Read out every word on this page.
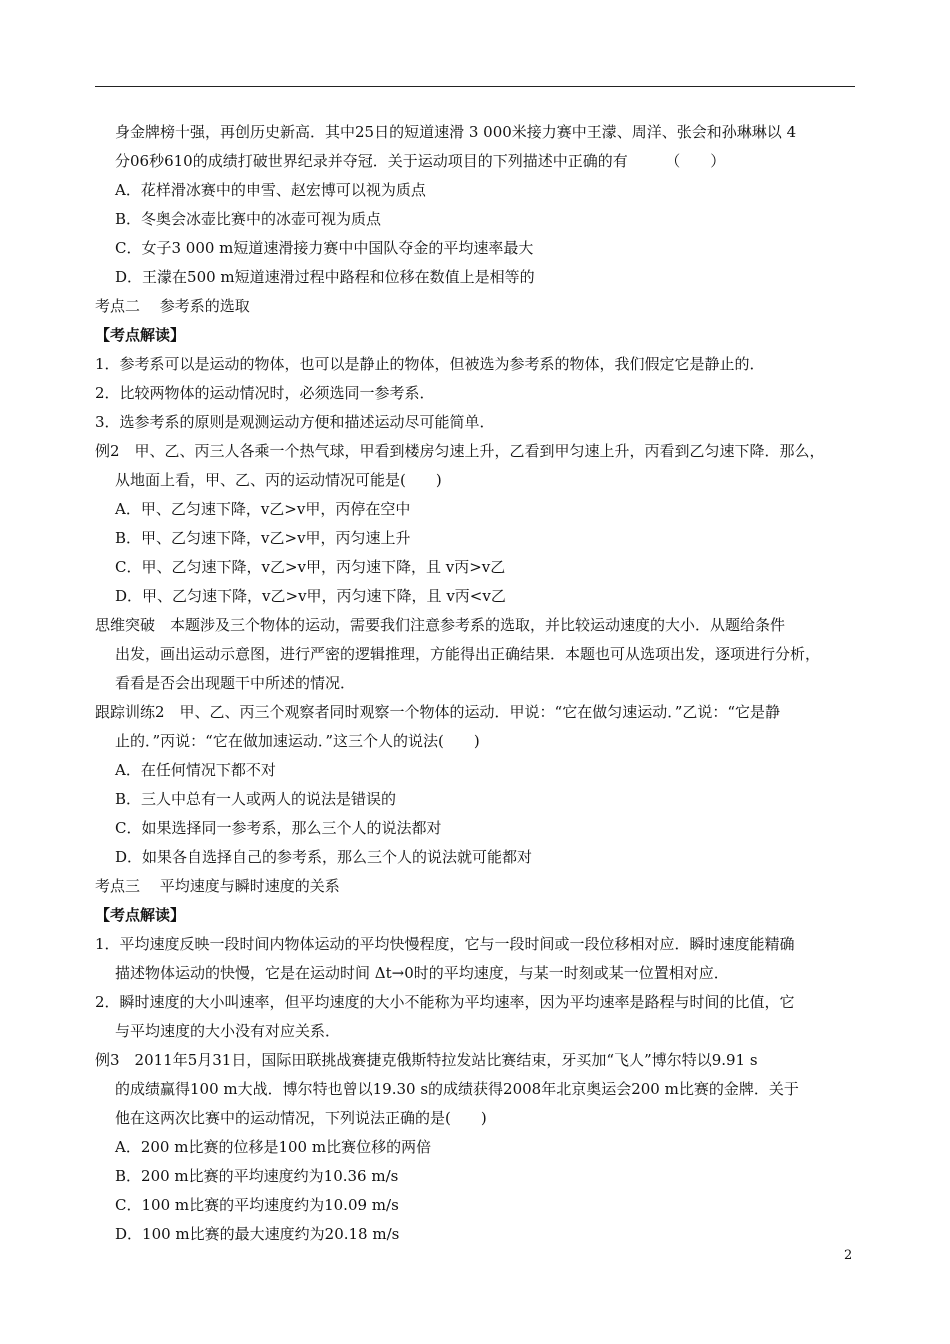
身金牌榜十强，再创历史新高．其中25日的短道速滑 3 000米接力赛中王濛、周洋、张会和孙琳琳以 4
分06秒610的成绩打破世界纪录并夺冠．关于运动项目的下列描述中正确的有　　　（　　）
A．花样滑冰赛中的申雪、赵宏博可以视为质点
B．冬奥会冰壶比赛中的冰壶可视为质点
C．女子3 000 m短道速滑接力赛中中国队夺金的平均速率最大
D．王濛在500 m短道速滑过程中路程和位移在数值上是相等的
考点二　 参考系的选取
【考点解读】
1．参考系可以是运动的物体，也可以是静止的物体，但被选为参考系的物体，我们假定它是静止的．
2．比较两物体的运动情况时，必须选同一参考系．
3．选参考系的原则是观测运动方便和描述运动尽可能简单．
例2　甲、乙、丙三人各乘一个热气球，甲看到楼房匀速上升，乙看到甲匀速上升，丙看到乙匀速下降．那么，
从地面上看，甲、乙、丙的运动情况可能是(　　)
A．甲、乙匀速下降，v乙>v甲，丙停在空中
B．甲、乙匀速下降，v乙>v甲，丙匀速上升
C．甲、乙匀速下降，v乙>v甲，丙匀速下降，且 v丙>v乙
D．甲、乙匀速下降，v乙>v甲，丙匀速下降，且 v丙<v乙
思维突破　本题涉及三个物体的运动，需要我们注意参考系的选取，并比较运动速度的大小．从题给条件
出发，画出运动示意图，进行严密的逻辑推理，方能得出正确结果．本题也可从选项出发，逐项进行分析，
看看是否会出现题干中所述的情况．
跟踪训练2　甲、乙、丙三个观察者同时观察一个物体的运动．甲说：“它在做匀速运动．”乙说：“它是静
止的．”丙说：“它在做加速运动．”这三个人的说法(　　)
A．在任何情况下都不对
B．三人中总有一人或两人的说法是错误的
C．如果选择同一参考系，那么三个人的说法都对
D．如果各自选择自己的参考系，那么三个人的说法就可能都对
考点三　 平均速度与瞬时速度的关系
【考点解读】
1．平均速度反映一段时间内物体运动的平均快慢程度，它与一段时间或一段位移相对应．瞬时速度能精确
描述物体运动的快慢，它是在运动时间 Δt→0时的平均速度，与某一时刻或某一位置相对应．
2．瞬时速度的大小叫速率，但平均速度的大小不能称为平均速率，因为平均速率是路程与时间的比值，它
与平均速度的大小没有对应关系．
例3　2011年5月31日，国际田联挑战赛捷克俄斯特拉发站比赛结束，牙买加“飞人”博尔特以9.91 s
的成绩赢得100 m大战．博尔特也曾以19.30 s的成绩获得2008年北京奥运会200 m比赛的金牌．关于
他在这两次比赛中的运动情况，下列说法正确的是(　　)
A．200 m比赛的位移是100 m比赛位移的两倍
B．200 m比赛的平均速度约为10.36 m/s
C．100 m比赛的平均速度约为10.09 m/s
D．100 m比赛的最大速度约为20.18 m/s
2
